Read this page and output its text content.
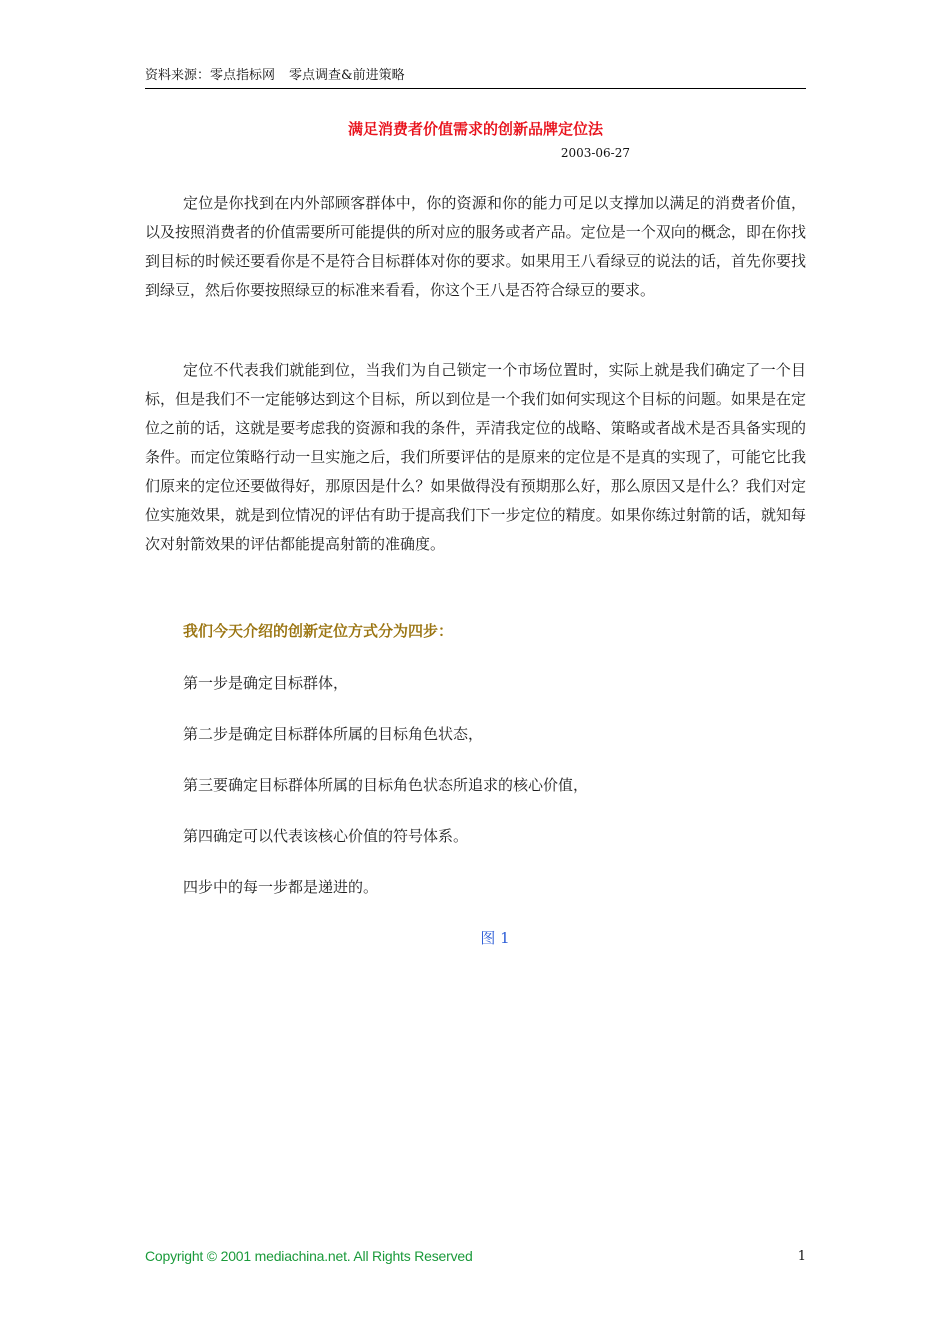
资料来源：零点指标网 零点调查&前进策略
满足消费者价值需求的创新品牌定位法
2003-06-27

定位是你找到在内外部顾客群体中，你的资源和你的能力可足以支撑加以满足的消费者价值，以及按照消费者的价值需要所可能提供的所对应的服务或者产品。定位是一个双向的概念，即在你找到目标的时候还要看你是不是符合目标群体对你的要求。如果用王八看绿豆的说法的话，首先你要找到绿豆，然后你要按照绿豆的标准来看看，你这个王八是否符合绿豆的要求。

定位不代表我们就能到位，当我们为自己锁定一个市场位置时，实际上就是我们确定了一个目标，但是我们不一定能够达到这个目标，所以到位是一个我们如何实现这个目标的问题。如果是在定位之前的话，这就是要考虑我的资源和我的条件，弄清我定位的战略、策略或者战术是否具备实现的条件。而定位策略行动一旦实施之后，我们所要评估的是原来的定位是不是真的实现了，可能它比我们原来的定位还要做得好，那原因是什么？如果做得没有预期那么好，那么原因又是什么？我们对定位实施效果，就是到位情况的评估有助于提高我们下一步定位的精度。如果你练过射箭的话，就知每次对射箭效果的评估都能提高射箭的准确度。

我们今天介绍的创新定位方式分为四步：
第一步是确定目标群体，
第二步是确定目标群体所属的目标角色状态，
第三要确定目标群体所属的目标角色状态所追求的核心价值，
第四确定可以代表该核心价值的符号体系。
四步中的每一步都是递进的。
图 1
Copyright © 2001 mediachina.net. All Rights Reserved	1
